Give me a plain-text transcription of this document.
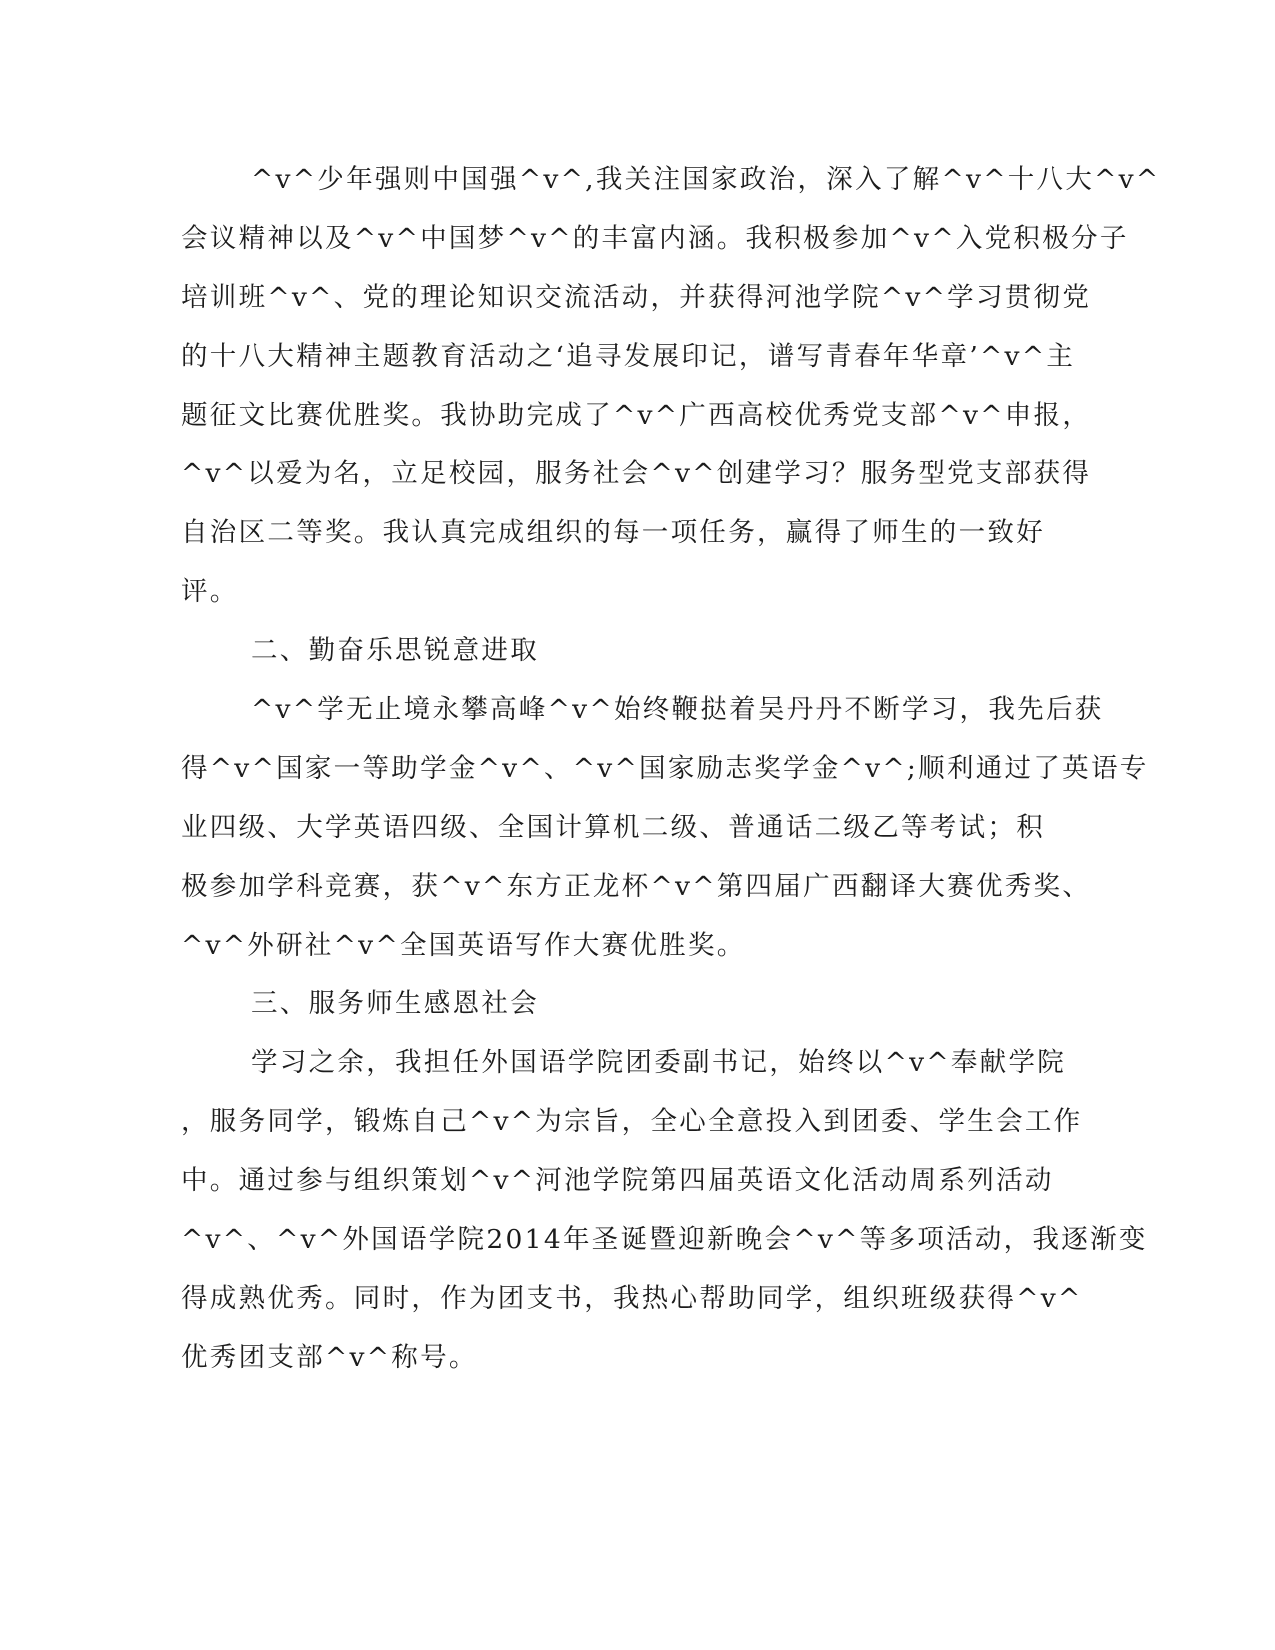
^v^少年强则中国强^v^,我关注国家政治，深入了解^v^十八大^v^
会议精神以及^v^中国梦^v^的丰富内涵。我积极参加^v^入党积极分子
培训班^v^、党的理论知识交流活动，并获得河池学院^v^学习贯彻党
的十八大精神主题教育活动之‘追寻发展印记，谱写青春年华章’^v^主
题征文比赛优胜奖。我协助完成了^v^广西高校优秀党支部^v^申报，
^v^以爱为名，立足校园，服务社会^v^创建学习？服务型党支部获得
自治区二等奖。我认真完成组织的每一项任务，赢得了师生的一致好
评。
二、勤奋乐思锐意进取
^v^学无止境永攀高峰^v^始终鞭挞着吴丹丹不断学习，我先后获
得^v^国家一等助学金^v^、^v^国家励志奖学金^v^;顺利通过了英语专
业四级、大学英语四级、全国计算机二级、普通话二级乙等考试；积
极参加学科竞赛，获^v^东方正龙杯^v^第四届广西翻译大赛优秀奖、
^v^外研社^v^全国英语写作大赛优胜奖。
三、服务师生感恩社会
学习之余，我担任外国语学院团委副书记，始终以^v^奉献学院
，服务同学，锻炼自己^v^为宗旨，全心全意投入到团委、学生会工作
中。通过参与组织策划^v^河池学院第四届英语文化活动周系列活动
^v^、^v^外国语学院2014年圣诞暨迎新晚会^v^等多项活动，我逐渐变
得成熟优秀。同时，作为团支书，我热心帮助同学，组织班级获得^v^
优秀团支部^v^称号。
